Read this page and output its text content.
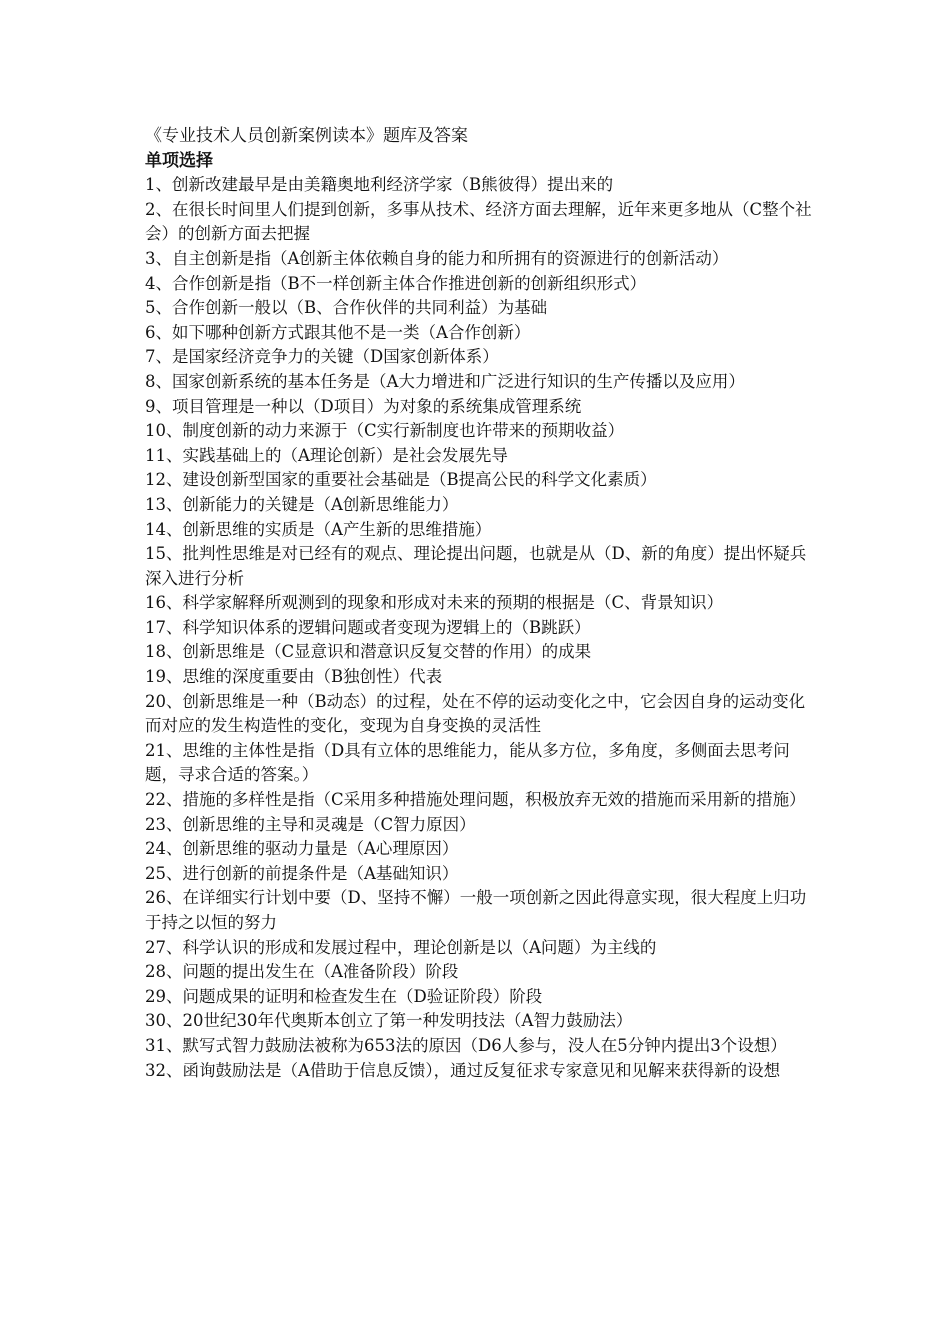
《专业技术人员创新案例读本》题库及答案

单项选择

1、创新改建最早是由美籍奥地利经济学家（B熊彼得）提出来的
2、在很长时间里人们提到创新，多事从技术、经济方面去理解，近年来更多地从（C整个社会）的创新方面去把握
3、自主创新是指（A创新主体依赖自身的能力和所拥有的资源进行的创新活动）
4、合作创新是指（B不一样创新主体合作推进创新的创新组织形式）
5、合作创新一般以（B、合作伙伴的共同利益）为基础
6、如下哪种创新方式跟其他不是一类（A合作创新）
7、是国家经济竞争力的关键（D国家创新体系）
8、国家创新系统的基本任务是（A大力增进和广泛进行知识的生产传播以及应用）
9、项目管理是一种以（D项目）为对象的系统集成管理系统
10、制度创新的动力来源于（C实行新制度也许带来的预期收益）
11、实践基础上的（A理论创新）是社会发展先导
12、建设创新型国家的重要社会基础是（B提高公民的科学文化素质）
13、创新能力的关键是（A创新思维能力）
14、创新思维的实质是（A产生新的思维措施）
15、批判性思维是对已经有的观点、理论提出问题，也就是从（D、新的角度）提出怀疑兵深入进行分析
16、科学家解释所观测到的现象和形成对未来的预期的根据是（C、背景知识）
17、科学知识体系的逻辑问题或者变现为逻辑上的（B跳跃）
18、创新思维是（C显意识和潜意识反复交替的作用）的成果
19、思维的深度重要由（B独创性）代表
20、创新思维是一种（B动态）的过程，处在不停的运动变化之中，它会因自身的运动变化而对应的发生构造性的变化，变现为自身变换的灵活性
21、思维的主体性是指（D具有立体的思维能力，能从多方位，多角度，多侧面去思考问题，寻求合适的答案。）
22、措施的多样性是指（C采用多种措施处理问题，积极放弃无效的措施而采用新的措施）
23、创新思维的主导和灵魂是（C智力原因）
24、创新思维的驱动力量是（A心理原因）
25、进行创新的前提条件是（A基础知识）
26、在详细实行计划中要（D、坚持不懈）一般一项创新之因此得意实现，很大程度上归功于持之以恒的努力
27、科学认识的形成和发展过程中，理论创新是以（A问题）为主线的
28、问题的提出发生在（A准备阶段）阶段
29、问题成果的证明和检查发生在（D验证阶段）阶段
30、20世纪30年代奥斯本创立了第一种发明技法（A智力鼓励法）
31、默写式智力鼓励法被称为653法的原因（D6人参与，没人在5分钟内提出3个设想）
32、函询鼓励法是（A借助于信息反馈），通过反复征求专家意见和见解来获得新的设想
